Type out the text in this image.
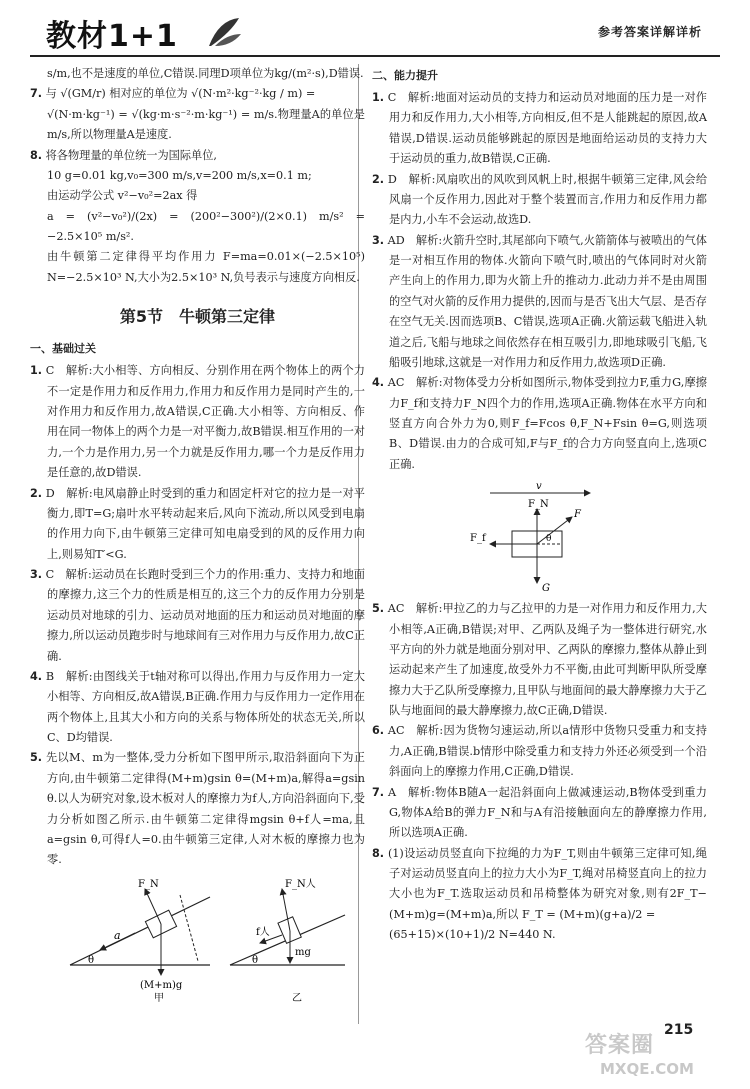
教材1+1	参考答案详解详析

s/m,也不是速度的单位,C错误.同理D项单位为kg/(m²·s),D错误.

7. 与 √(GM/r) 相对应的单位为 √(N·m²·kg⁻²·kg / m) =

√(N·m·kg⁻¹) = √(kg·m·s⁻²·m·kg⁻¹) = m/s.物理量A的单位是m/s,所以物理量A是速度.

8. 将各物理量的单位统一为国际单位,

10 g=0.01 kg,v₀=300 m/s,v=200 m/s,x=0.1 m;

由运动学公式 v²−v₀²=2ax 得

a = (v²−v₀²)/(2x) = (200²−300²)/(2×0.1) m/s² = −2.5×10⁵ m/s².

由牛顿第二定律得平均作用力 F=ma=0.01×(−2.5×10⁵) N=−2.5×10³ N,大小为2.5×10³ N,负号表示与速度方向相反.

第5节　牛顿第三定律
一、基础过关

1. C　解析:大小相等、方向相反、分别作用在两个物体上的两个力不一定是作用力和反作用力,作用力和反作用力是同时产生的,一对作用力和反作用力,故A错误,C正确.大小相等、方向相反、作用在同一物体上的两个力是一对平衡力,故B错误.相互作用的一对力,一个力是作用力,另一个力就是反作用力,哪一个力是反作用力是任意的,故D错误.

2. D　解析:电风扇静止时受到的重力和固定杆对它的拉力是一对平衡力,即T=G;扇叶水平转动起来后,风向下流动,所以风受到电扇的作用力向下,由牛顿第三定律可知电扇受到的风的反作用力向上,则易知T′<G.

3. C　解析:运动员在长跑时受到三个力的作用:重力、支持力和地面的摩擦力,这三个力的性质是相互的,这三个力的反作用力分别是运动员对地球的引力、运动员对地面的压力和运动员对地面的摩擦力,所以运动员跑步时与地球间有三对作用力与反作用力,故C正确.

4. B　解析:由图线关于t轴对称可以得出,作用力与反作用力一定大小相等、方向相反,故A错误,B正确.作用力与反作用力一定作用在两个物体上,且其大小和方向的关系与物体所处的状态无关,所以C、D均错误.

5. 先以M、m为一整体,受力分析如下图甲所示,取沿斜面向下为正方向,由牛顿第二定律得(M+m)gsin θ=(M+m)a,解得a=gsin θ.以人为研究对象,设木板对人的摩擦力为f人,方向沿斜面向下,受力分析如图乙所示.由牛顿第二定律得mgsin θ+f人=ma,且a=gsin θ,可得f人=0.由牛顿第三定律,人对木板的摩擦力也为零.

F_N
a
θ
(M+m)g
甲
F_N人
f人
mg
θ
乙
二、能力提升

1. C　解析:地面对运动员的支持力和运动员对地面的压力是一对作用力和反作用力,大小相等,方向相反,但不是人能跳起的原因,故A错误,D错误.运动员能够跳起的原因是地面给运动员的支持力大于运动员的重力,故B错误,C正确.

2. D　解析:风扇吹出的风吹到风帆上时,根据牛顿第三定律,风会给风扇一个反作用力,因此对于整个装置而言,作用力和反作用力都是内力,小车不会运动,故选D.

3. AD　解析:火箭升空时,其尾部向下喷气,火箭箭体与被喷出的气体是一对相互作用的物体.火箭向下喷气时,喷出的气体同时对火箭产生向上的作用力,即为火箭上升的推动力.此动力并不是由周围的空气对火箭的反作用力提供的,因而与是否飞出大气层、是否存在空气无关.因而选项B、C错误,选项A正确.火箭运载飞船进入轨道之后,飞船与地球之间依然存在相互吸引力,即地球吸引飞船,飞船吸引地球,这就是一对作用力和反作用力,故选项D正确.

4. AC　解析:对物体受力分析如图所示,物体受到拉力F,重力G,摩擦力F_f和支持力F_N四个力的作用,选项A正确.物体在水平方向和竖直方向合外力为0,则F_f=Fcos θ,F_N+Fsin θ=G,则选项B、D错误.由力的合成可知,F与F_f的合力方向竖直向上,选项C正确.

v
F_N
F
F_f	θ
G

5. AC　解析:甲拉乙的力与乙拉甲的力是一对作用力和反作用力,大小相等,A正确,B错误;对甲、乙两队及绳子为一整体进行研究,水平方向的外力就是地面分别对甲、乙两队的摩擦力,整体从静止到运动起来产生了加速度,故受外力不平衡,由此可判断甲队所受摩擦力大于乙队所受摩擦力,且甲队与地面间的最大静摩擦力大于乙队与地面间的最大静摩擦力,故C正确,D错误.

6. AC　解析:因为货物匀速运动,所以a情形中货物只受重力和支持力,A正确,B错误.b情形中除受重力和支持力外还必须受到一个沿斜面向上的摩擦力作用,C正确,D错误.

7. A　解析:物体B随A一起沿斜面向上做减速运动,B物体受到重力G,物体A给B的弹力F_N和与A有沿接触面向左的静摩擦力作用,所以选项A正确.

8. (1)设运动员竖直向下拉绳的力为F_T,则由牛顿第三定律可知,绳子对运动员竖直向上的拉力大小为F_T,绳对吊椅竖直向上的拉力大小也为F_T.选取运动员和吊椅整体为研究对象,则有2F_T−(M+m)g=(M+m)a,所以 F_T = (M+m)(g+a)/2 =

(65+15)×(10+1)/2 N=440 N.

215
答案圈
MXQE.COM
